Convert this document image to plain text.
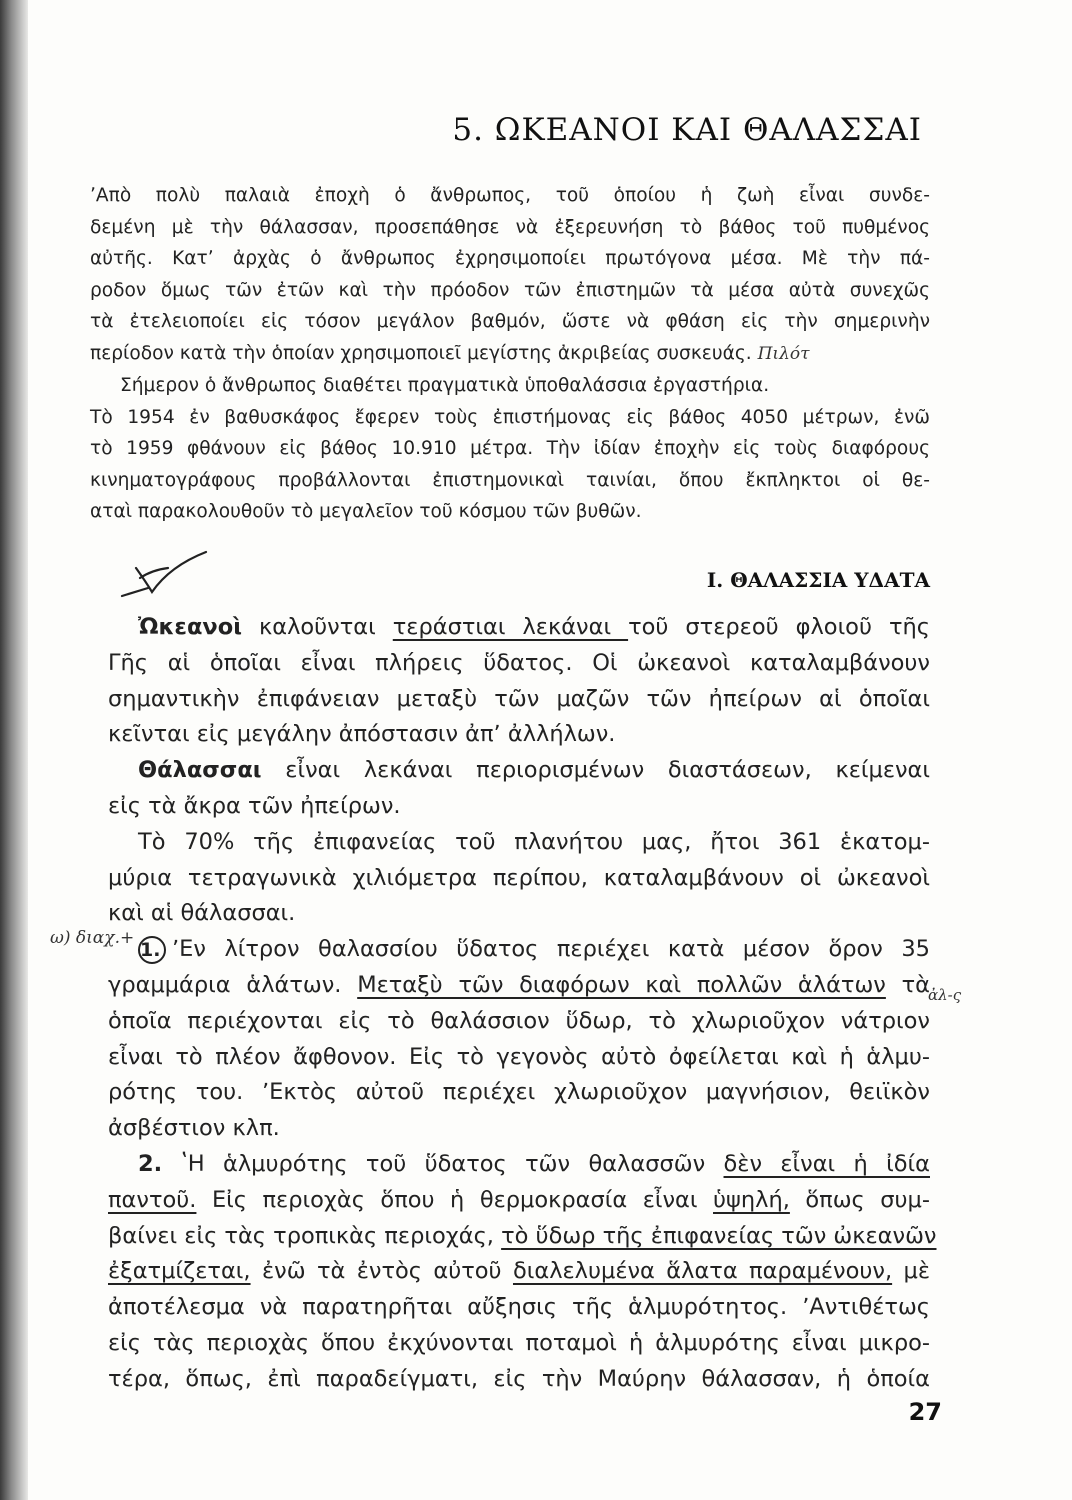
5. ΩΚΕΑΝΟΙ ΚΑΙ ΘΑΛΑΣΣΑΙ
ʼΑπὸ πολὺ παλαιὰ ἐποχὴ ὁ ἄνθρωπος, τοῦ ὁποίου ἡ ζωὴ εἶναι συνδε-
δεμένη μὲ τὴν θάλασσαν, προσεπάθησε νὰ ἐξερευνήση τὸ βάθος τοῦ πυθμένος
αὐτῆς. Κατʼ ἀρχὰς ὁ ἄνθρωπος ἐχρησιμοποίει πρωτόγονα μέσα. Μὲ τὴν πά-
ροδον ὅμως τῶν ἐτῶν καὶ τὴν πρόοδον τῶν ἐπιστημῶν τὰ μέσα αὐτὰ συνεχῶς
τὰ ἐτελειοποίει εἰς τόσον μεγάλον βαθμόν, ὥστε νὰ φθάση εἰς τὴν σημερινὴν
περίοδον κατὰ τὴν ὁποίαν χρησιμοποιεῖ μεγίστης ἀκριβείας συσκευάς. Πιλότ
Σήμερον ὁ ἄνθρωπος διαθέτει πραγματικὰ ὑποθαλάσσια ἐργαστήρια.
Τὸ 1954 ἐν βαθυσκάφος ἔφερεν τοὺς ἐπιστήμονας εἰς βάθος 4050 μέτρων, ἐνῶ
τὸ 1959 φθάνουν εἰς βάθος 10.910 μέτρα. Τὴν ἰδίαν ἐποχὴν εἰς τοὺς διαφόρους
κινηματογράφους προβάλλονται ἐπιστημονικαὶ ταινίαι, ὅπου ἔκπληκτοι οἱ θε-
αταὶ παρακολουθοῦν τὸ μεγαλεῖον τοῦ κόσμου τῶν βυθῶν.
Ι. ΘΑΛΑΣΣΙΑ ΥΔΑΤΑ
Ὠκεανοὶ καλοῦνται τεράστιαι λεκάναι τοῦ στερεοῦ φλοιοῦ τῆς
Γῆς αἱ ὁποῖαι εἶναι πλήρεις ὕδατος. Οἱ ὠκεανοὶ καταλαμβάνουν
σημαντικὴν ἐπιφάνειαν μεταξὺ τῶν μαζῶν τῶν ἠπείρων αἱ ὁποῖαι
κεῖνται εἰς μεγάλην ἀπόστασιν ἀπʼ ἀλλήλων.
Θάλασσαι εἶναι λεκάναι περιορισμένων διαστάσεων, κείμεναι
εἰς τὰ ἄκρα τῶν ἠπείρων.
Τὸ 70% τῆς ἐπιφανείας τοῦ πλανήτου μας, ἤτοι 361 ἑκατομ-
μύρια τετραγωνικὰ χιλιόμετρα περίπου, καταλαμβάνουν οἱ ὠκεανοὶ
καὶ αἱ θάλασσαι.
1. ʼΕν λίτρον θαλασσίου ὕδατος περιέχει κατὰ μέσον ὅρον 35
γραμμάρια ἁλάτων. Μεταξὺ τῶν διαφόρων καὶ πολλῶν ἁλάτων τὰ
ὁποῖα περιέχονται εἰς τὸ θαλάσσιον ὕδωρ, τὸ χλωριοῦχον νάτριον
εἶναι τὸ πλέον ἄφθονον. Εἰς τὸ γεγονὸς αὐτὸ ὀφείλεται καὶ ἡ ἁλμυ-
ρότης του. ʼΕκτὸς αὐτοῦ περιέχει χλωριοῦχον μαγνήσιον, θειϊκὸν
ἀσβέστιον κλπ.
2. ʽΗ ἁλμυρότης τοῦ ὕδατος τῶν θαλασσῶν δὲν εἶναι ἡ ἰδία
παντοῦ. Εἰς περιοχὰς ὅπου ἡ θερμοκρασία εἶναι ὑψηλή, ὅπως συμ-
βαίνει εἰς τὰς τροπικὰς περιοχάς, τὸ ὕδωρ τῆς ἐπιφανείας τῶν ὠκεανῶν
ἐξατμίζεται, ἐνῶ τὰ ἐντὸς αὐτοῦ διαλελυμένα ἅλατα παραμένουν, μὲ
ἀποτέλεσμα νὰ παρατηρῆται αὔξησις τῆς ἁλμυρότητος. ʼΑντιθέτως
εἰς τὰς περιοχὰς ὅπου ἐκχύνονται ποταμοὶ ἡ ἁλμυρότης εἶναι μικρο-
τέρα, ὅπως, ἐπὶ παραδείγματι, εἰς τὴν Μαύρην θάλασσαν, ἡ ὁποία
ω) διαχ.+
ἀλ-ς
27
